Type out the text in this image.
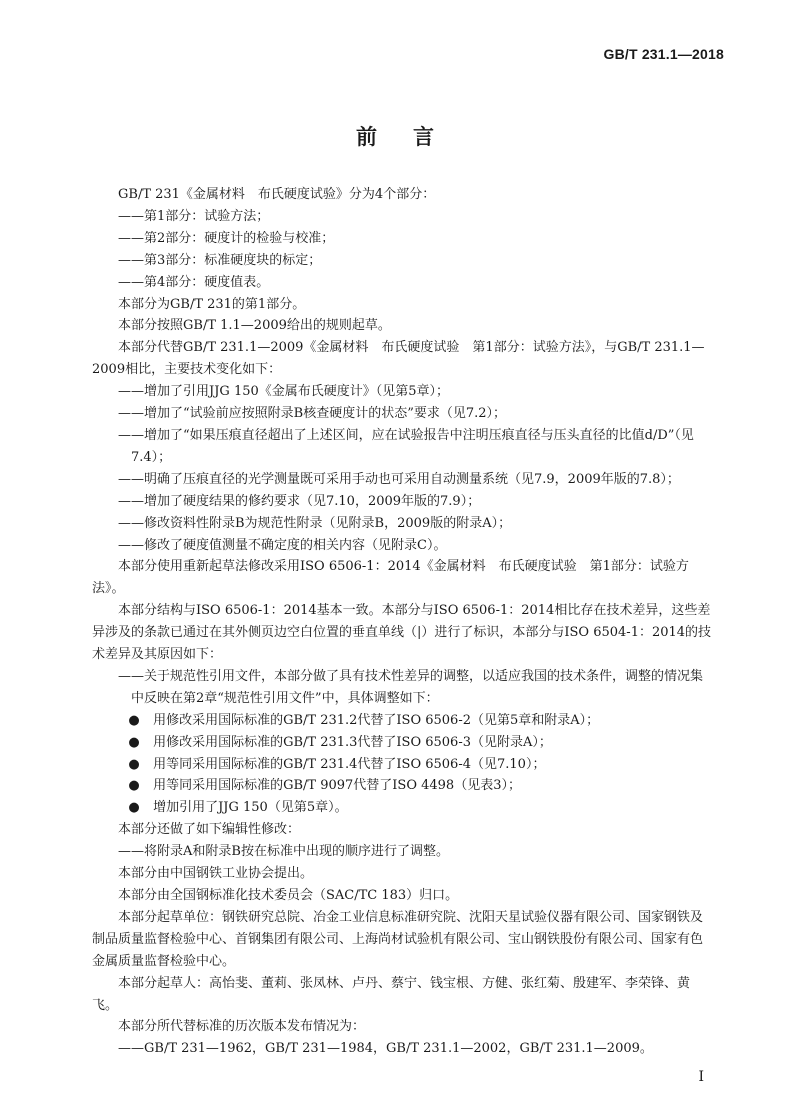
GB/T 231.1—2018
前言

GB/T 231《金属材料　布氏硬度试验》分为4个部分：

——第1部分：试验方法；

——第2部分：硬度计的检验与校准；

——第3部分：标准硬度块的标定；

——第4部分：硬度值表。

本部分为GB/T 231的第1部分。

本部分按照GB/T 1.1—2009给出的规则起草。

本部分代替GB/T 231.1—2009《金属材料　布氏硬度试验　第1部分：试验方法》，与GB/T 231.1—2009相比，主要技术变化如下：

——增加了引用JJG 150《金属布氏硬度计》（见第5章）；

——增加了“试验前应按照附录B核查硬度计的状态”要求（见7.2）；

——增加了“如果压痕直径超出了上述区间，应在试验报告中注明压痕直径与压头直径的比值d/D”（见7.4）；

——明确了压痕直径的光学测量既可采用手动也可采用自动测量系统（见7.9，2009年版的7.8）；

——增加了硬度结果的修约要求（见7.10，2009年版的7.9）；

——修改资料性附录B为规范性附录（见附录B，2009版的附录A）；

——修改了硬度值测量不确定度的相关内容（见附录C）。

本部分使用重新起草法修改采用ISO 6506-1：2014《金属材料　布氏硬度试验　第1部分：试验方法》。

本部分结构与ISO 6506-1：2014基本一致。本部分与ISO 6506-1：2014相比存在技术差异，这些差异涉及的条款已通过在其外侧页边空白位置的垂直单线（|）进行了标识，本部分与ISO 6504-1：2014的技术差异及其原因如下：

——关于规范性引用文件，本部分做了具有技术性差异的调整，以适应我国的技术条件，调整的情况集中反映在第2章“规范性引用文件”中，具体调整如下：

●	用修改采用国际标准的GB/T 231.2代替了ISO 6506-2（见第5章和附录A）；
●	用修改采用国际标准的GB/T 231.3代替了ISO 6506-3（见附录A）；
●	用等同采用国际标准的GB/T 231.4代替了ISO 6506-4（见7.10）；
●	用等同采用国际标准的GB/T 9097代替了ISO 4498（见表3）；
●	增加引用了JJG 150（见第5章）。

本部分还做了如下编辑性修改：

——将附录A和附录B按在标准中出现的顺序进行了调整。

本部分由中国钢铁工业协会提出。

本部分由全国钢标准化技术委员会（SAC/TC 183）归口。

本部分起草单位：钢铁研究总院、冶金工业信息标准研究院、沈阳天星试验仪器有限公司、国家钢铁及制品质量监督检验中心、首钢集团有限公司、上海尚材试验机有限公司、宝山钢铁股份有限公司、国家有色金属质量监督检验中心。

本部分起草人：高怡斐、董莉、张凤林、卢丹、蔡宁、钱宝根、方健、张红菊、殷建军、李荣锋、黄飞。

本部分所代替标准的历次版本发布情况为：

——GB/T 231—1962，GB/T 231—1984，GB/T 231.1—2002，GB/T 231.1—2009。

I
